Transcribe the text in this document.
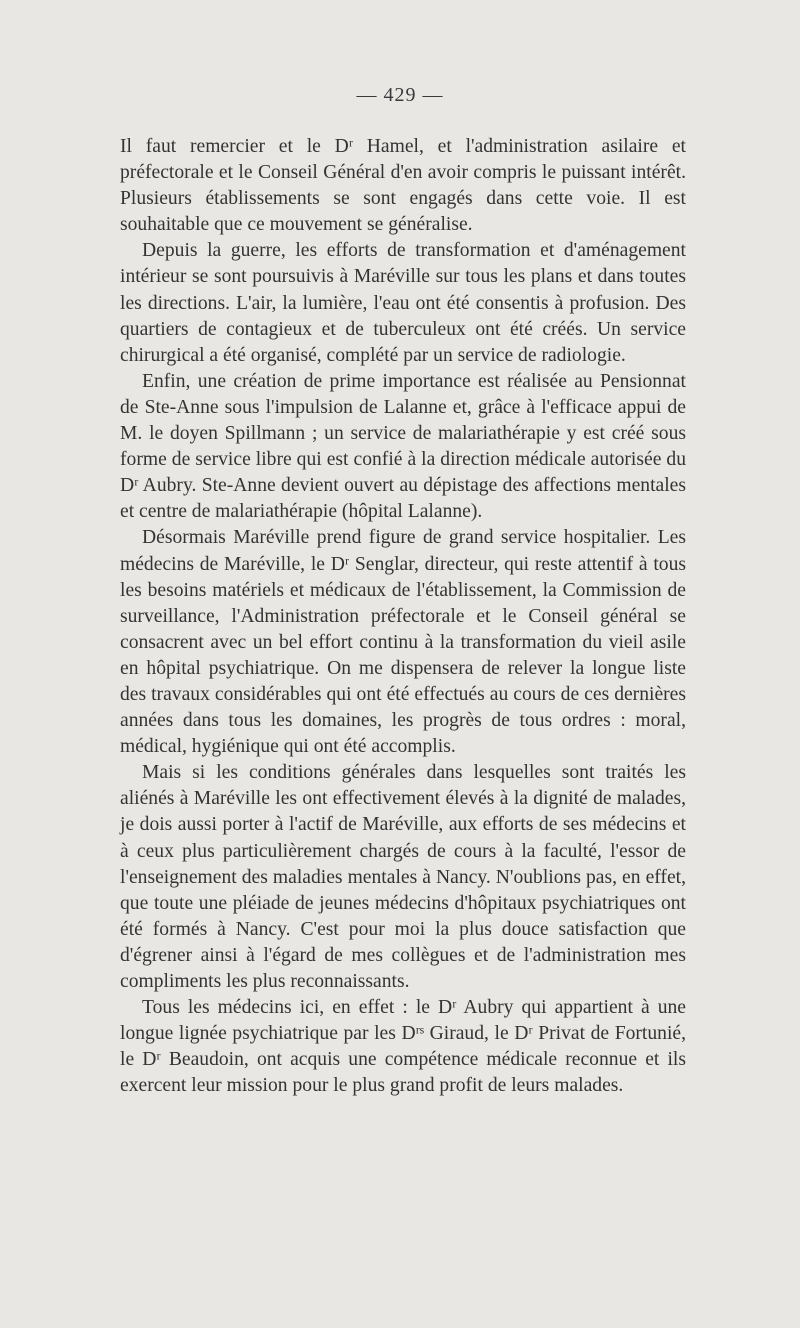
— 429 —

Il faut remercier et le Dʳ Hamel, et l'administration asilaire et préfectorale et le Conseil Général d'en avoir compris le puissant intérêt. Plusieurs établissements se sont engagés dans cette voie. Il est souhaitable que ce mouvement se généralise.

Depuis la guerre, les efforts de transformation et d'aménagement intérieur se sont poursuivis à Maréville sur tous les plans et dans toutes les directions. L'air, la lumière, l'eau ont été consentis à profusion. Des quartiers de contagieux et de tuberculeux ont été créés. Un service chirurgical a été organisé, complété par un service de radiologie.

Enfin, une création de prime importance est réalisée au Pensionnat de Ste-Anne sous l'impulsion de Lalanne et, grâce à l'efficace appui de M. le doyen Spillmann ; un service de malariathérapie y est créé sous forme de service libre qui est confié à la direction médicale autorisée du Dʳ Aubry. Ste-Anne devient ouvert au dépistage des affections mentales et centre de malariathérapie (hôpital Lalanne).

Désormais Maréville prend figure de grand service hospitalier. Les médecins de Maréville, le Dʳ Senglar, directeur, qui reste attentif à tous les besoins matériels et médicaux de l'établissement, la Commission de surveillance, l'Administration préfectorale et le Conseil général se consacrent avec un bel effort continu à la transformation du vieil asile en hôpital psychiatrique. On me dispensera de relever la longue liste des travaux considérables qui ont été effectués au cours de ces dernières années dans tous les domaines, les progrès de tous ordres : moral, médical, hygiénique qui ont été accomplis.

Mais si les conditions générales dans lesquelles sont traités les aliénés à Maréville les ont effectivement élevés à la dignité de malades, je dois aussi porter à l'actif de Maréville, aux efforts de ses médecins et à ceux plus particulièrement chargés de cours à la faculté, l'essor de l'enseignement des maladies mentales à Nancy. N'oublions pas, en effet, que toute une pléiade de jeunes médecins d'hôpitaux psychiatriques ont été formés à Nancy. C'est pour moi la plus douce satisfaction que d'égrener ainsi à l'égard de mes collègues et de l'administration mes compliments les plus reconnaissants.

Tous les médecins ici, en effet : le Dʳ Aubry qui appartient à une longue lignée psychiatrique par les Dʳˢ Giraud, le Dʳ Privat de Fortunié, le Dʳ Beaudoin, ont acquis une compétence médicale reconnue et ils exercent leur mission pour le plus grand profit de leurs malades.
